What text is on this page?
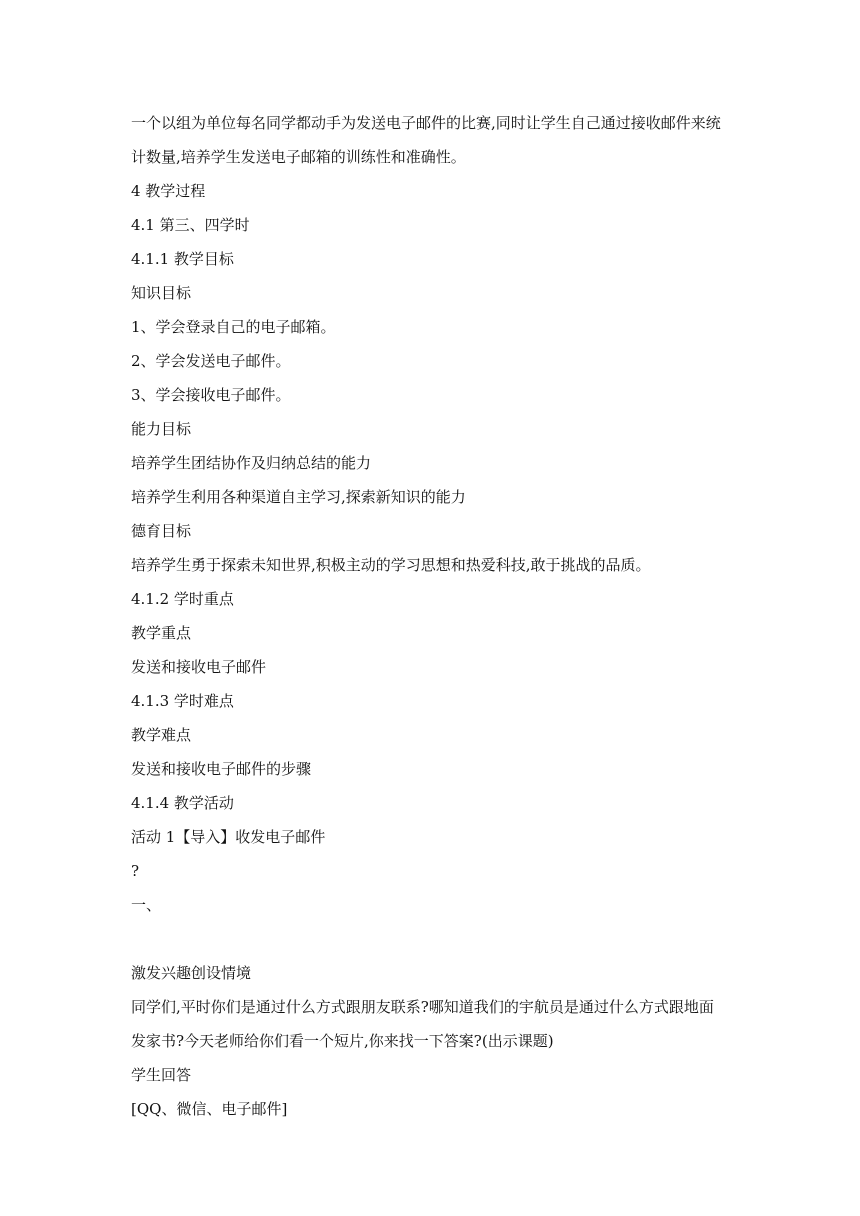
一个以组为单位每名同学都动手为发送电子邮件的比赛,同时让学生自己通过接收邮件来统
计数量,培养学生发送电子邮箱的训练性和准确性。
4 教学过程
4.1 第三、四学时
4.1.1 教学目标
知识目标
1、学会登录自己的电子邮箱。
2、学会发送电子邮件。
3、学会接收电子邮件。
能力目标
培养学生团结协作及归纳总结的能力
培养学生利用各种渠道自主学习,探索新知识的能力
德育目标
培养学生勇于探索未知世界,积极主动的学习思想和热爱科技,敢于挑战的品质。
4.1.2 学时重点
教学重点
发送和接收电子邮件
4.1.3 学时难点
教学难点
发送和接收电子邮件的步骤
4.1.4 教学活动
活动 1【导入】收发电子邮件
?
一、
激发兴趣创设情境
同学们,平时你们是通过什么方式跟朋友联系?哪知道我们的宇航员是通过什么方式跟地面
发家书?今天老师给你们看一个短片,你来找一下答案?(出示课题)
学生回答
[QQ、微信、电子邮件]
